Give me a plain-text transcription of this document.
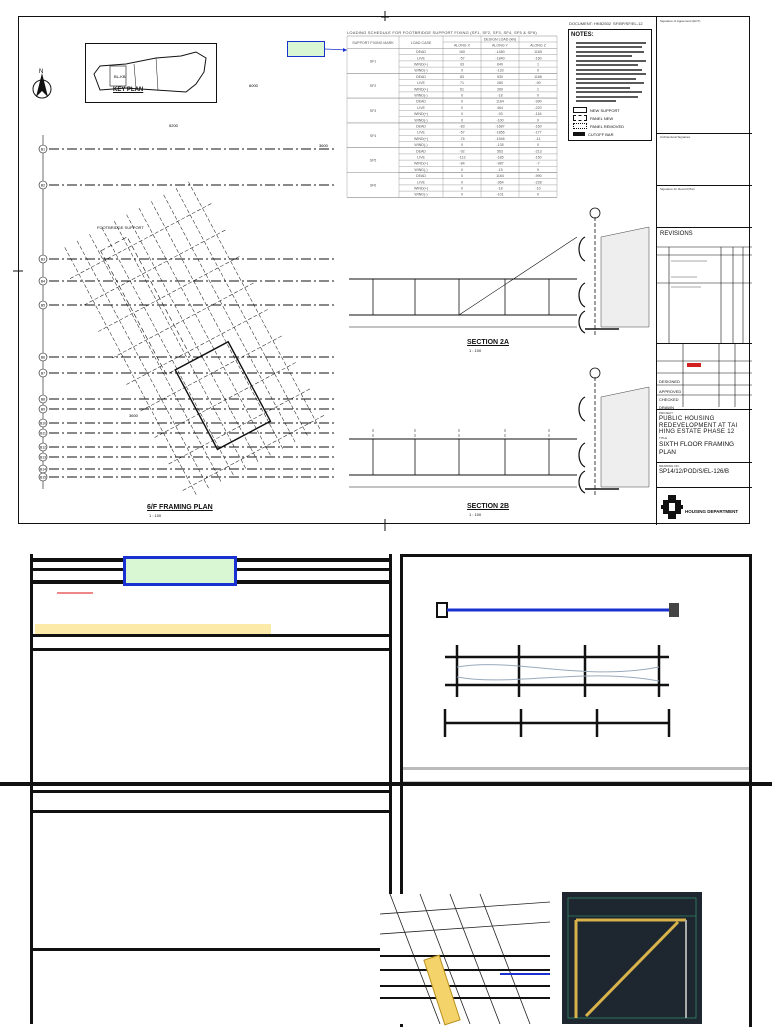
BL-KB
KEY PLAN
N
LOADING SCHEDULE FOR FOOTBRIDGE SUPPORT FIXING (SF1, SF2, SF3, SF4, SF5 & SF6)
DESIGN LOAD (kN)
SUPPORT FIXING MARK	LOAD CASE
ALONG X	ALONG Y	ALONG Z
DEAD	160	-1480	1165
LIVE	-57	-1840	-160
WIND(+)	93	640	1
WIND(-)	0	-133	0
SF1
DEAD	83	530	1166
LIVE	71	280	-90
WIND(+)	61	260	1
WIND(-)	0	-18	0
SF2
DEAD	0	1164	-990
LIVE	0	464	-220
WIND(+)	0	-93	-116
WIND(-)	0	-100	0
SF3
DEAD	-83	-1687	-160
LIVE	-57	-1856	-177
WIND(+)	-76	-1546	-11
WIND(-)	0	-135	0
SF4
DEAD	-92	563	-213
LIVE	-113	-185	-150
WIND(+)	-84	-987	-7
WIND(-)	0	-15	0
SF5
DEAD	0	1164	-990
LIVE	0	-364	-228
WIND(+)	0	-18	-10
WIND(-)	0	-101	0
SF6
DOCUMENT: HKB2502 SF/BP/SF/EL-12
NOTES:
NEW SUPPORT
PANEL NEW
PANEL REMOVED
CUTOFF BAR
B1
B2
B3
B4
B5
B6
B7
B8
B9
B10
B11
B12
B13
B14
B15
5200
6000
3600
3600
FOOTBRIDGE SUPPORT
6/F FRAMING PLAN
1 : 100
SECTION 2A
1 : 100
SECTION 2B
1 : 100
Signature of Agreement (ECT)
Architectural Signature
Signature for Record Plan
REVISIONS
APPROVED
DESIGNED
CHECKED
DRAWN
PROJECT
PUBLIC HOUSING REDEVELOPMENT AT TAI HING ESTATE PHASE 12
TITLE
SIXTH FLOOR FRAMING PLAN
DRAWING NO.
SP14/12/POD/S/EL-126/B
HOUSING DEPARTMENT
